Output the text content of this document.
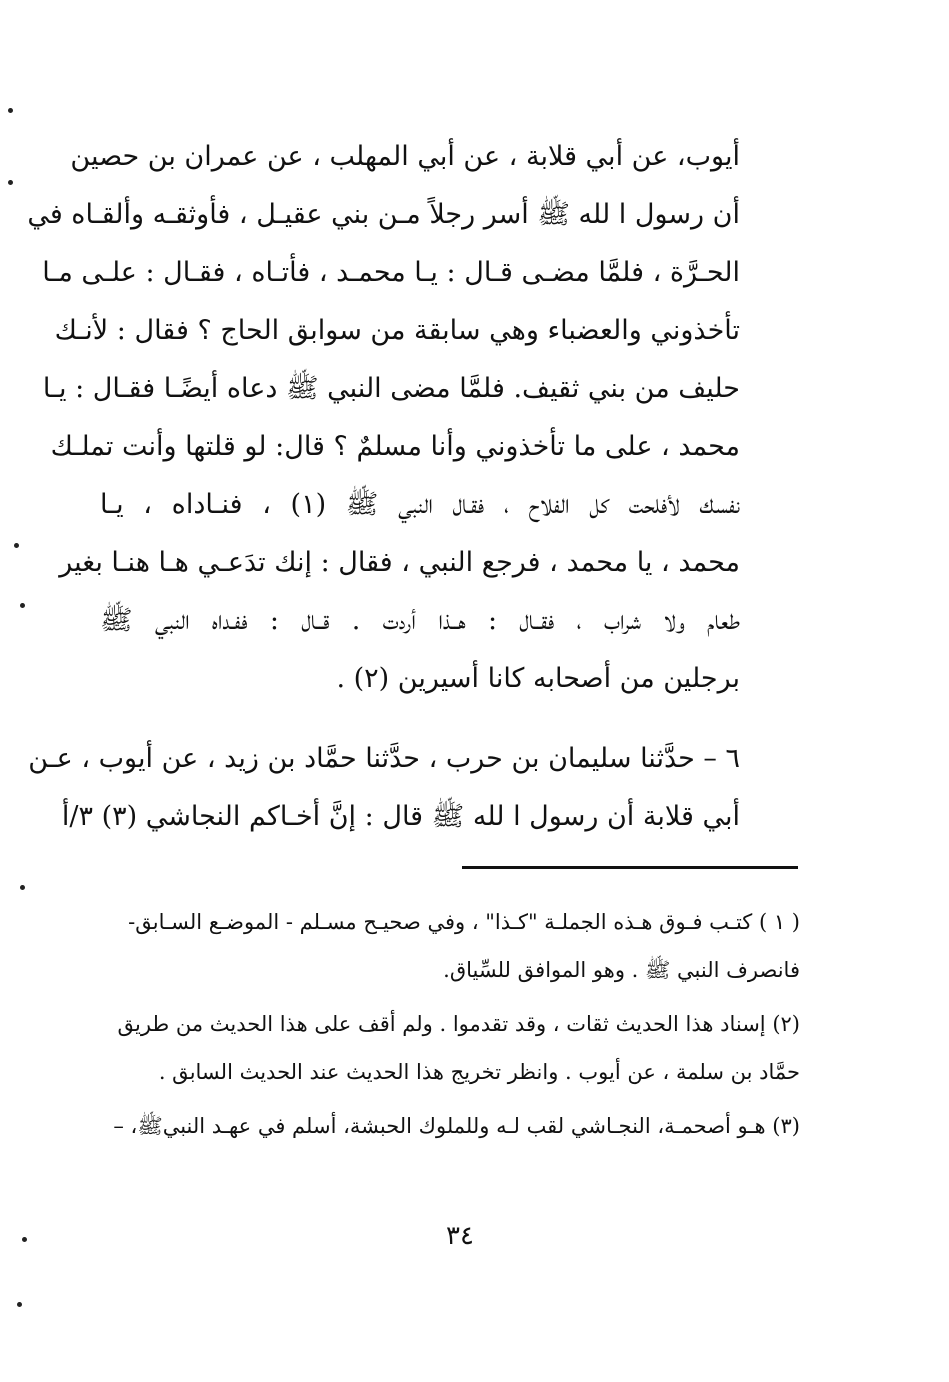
أيوب، عن أبي قلابة ، عن أبي المهلب ، عن عمران بن حصين
أن رسول ا لله ﷺ أسر رجلاً مـن بني عقيـل ، فأوثقـه وألقـاه في
الحـرَّة ، فلمَّا مضـى قـال : يـا محمـد ، فأتـاه ، فقـال : علـى مـا
تأخذوني والعضباء وهي سابقة من سوابق الحاج ؟ فقال : لأنـك
حليف من بني ثقيف. فلمَّا مضى النبي ﷺ دعاه أيضًـا فقـال : يـا
محمد ، على ما تأخذوني وأنا مسلمٌ ؟ قال: لو قلتها وأنت تملـك
نفسك لأفلحت كل الفلاح ، فقـال النبي ﷺ (١) ، فنـاداه ، يـا
محمد ، يا محمد ، فرجع النبي ، فقال : إنك تدَعـي هـا هنـا بغير
طعام ولا شراب ، فقــال : هــذا أردت . قــال : ففـداه النبي ﷺ
برجلين من أصحابه كانا أسيرين (٢) .
٦ – حدَّثنا سليمان بن حرب ، حدَّثنا حمَّاد بن زيد ، عن أيوب ، عـن
أبي قلابة أن رسول ا لله ﷺ قال : إنَّ أخـاكم النجاشي (٣) ٣/أ
( ١ ) كتـب فـوق هـذه الجملـة "كـذا" ، وفي صحيـح مسـلم - الموضـع السـابق-
فانصرف النبي ﷺ . وهو الموافق للسِّياق.
(٢) إسناد هذا الحديث ثقات ، وقد تقدموا . ولم أقف على هذا الحديث من طريق
حمَّاد بن سلمة ، عن أيوب . وانظر تخريج هذا الحديث عند الحديث السابق .
(٣) هـو أصحمـة، النجـاشي لقب لـه وللملوك الحبشة، أسلم في عهـد النبيﷺ، –
٣٤
